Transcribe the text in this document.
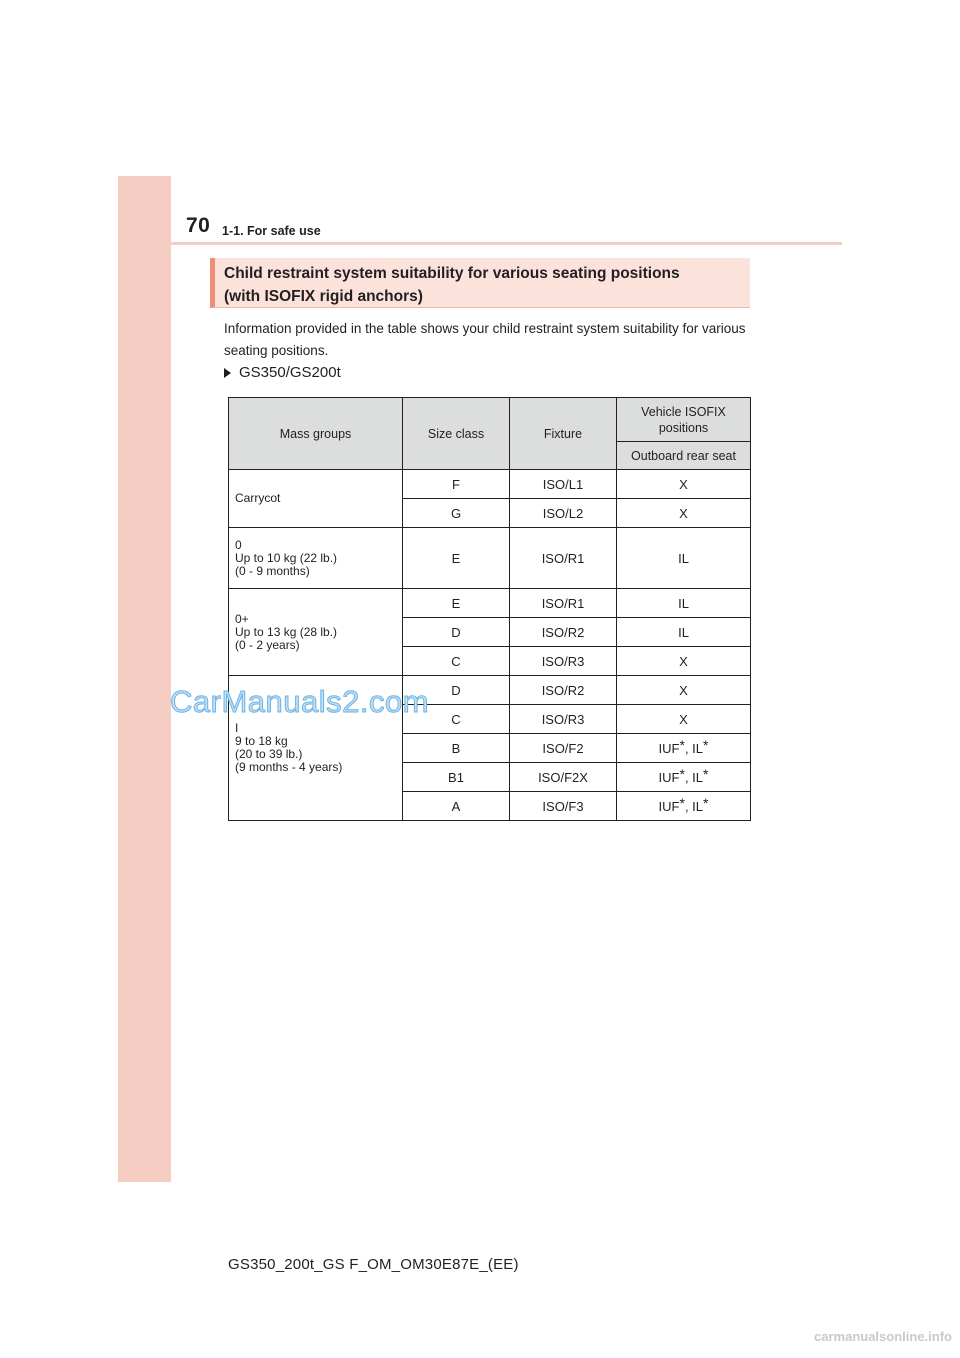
70 1-1. For safe use
Child restraint system suitability for various seating positions
(with ISOFIX rigid anchors)
Information provided in the table shows your child restraint system suitability for various seating positions.
GS350/GS200t
Mass groups	Size class	Fixture	Vehicle ISOFIX positions
			Outboard rear seat
Carrycot	F	ISO/L1	X
	G	ISO/L2	X
0
Up to 10 kg (22 lb.)
(0 - 9 months)	E	ISO/R1	IL
0+
Up to 13 kg (28 lb.)
(0 - 2 years)	E	ISO/R1	IL
	D	ISO/R2	IL
	C	ISO/R3	X
I
9 to 18 kg
(20 to 39 lb.)
(9 months - 4 years)	D	ISO/R2	X
	C	ISO/R3	X
	B	ISO/F2	IUF*, IL*
	B1	ISO/F2X	IUF*, IL*
	A	ISO/F3	IUF*, IL*
CarManuals2.com
GS350_200t_GS F_OM_OM30E87E_(EE)
carmanualsonline.info
